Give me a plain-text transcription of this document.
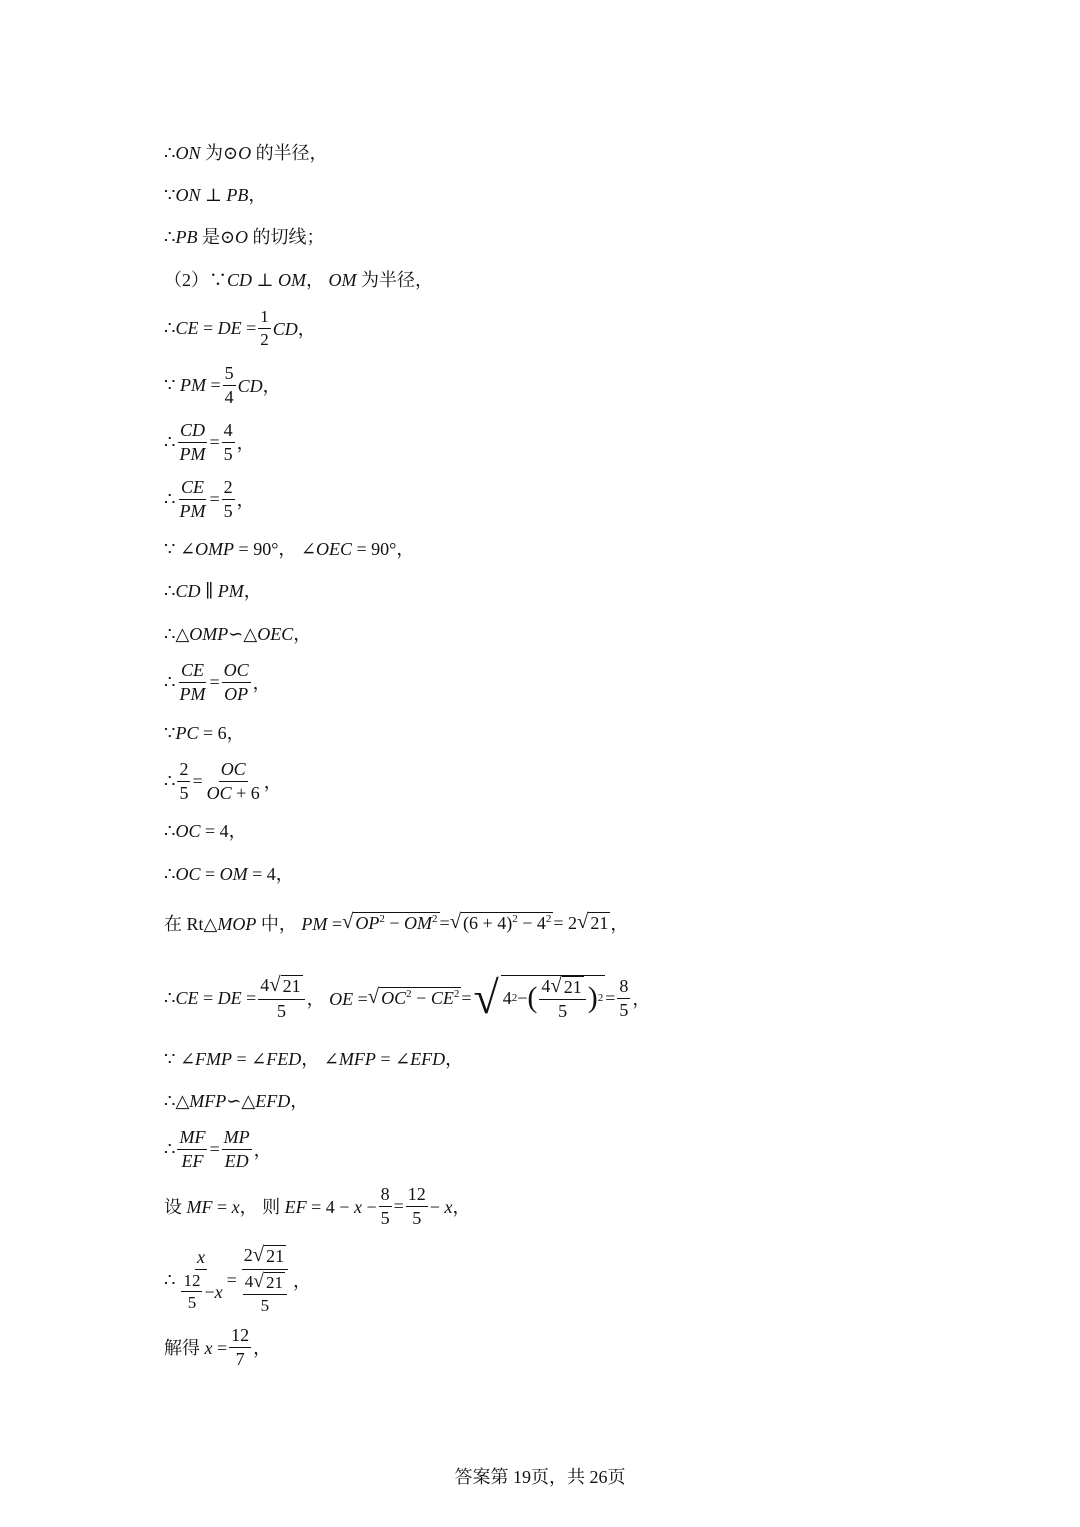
∴ON 为⊙O 的半径，
∵ON ⊥ PB，
∴PB 是⊙O 的切线；
（2）∵CD ⊥ OM， OM 为半径，
∴CE = DE = $\frac{1}{2}$ CD，
∵ PM = $\frac{5}{4}$ CD，
∴ $\frac{CD}{PM} = \frac{4}{5}$ ，
∴ $\frac{CE}{PM} = \frac{2}{5}$ ，
∵ ∠OMP = 90°， ∠OEC = 90°，
∴CD ∥ PM，
∴△OMP∽△OEC，
∴ $\frac{CE}{PM} = \frac{OC}{OP}$ ，
∵PC = 6，
∴ $\frac{2}{5} = \frac{OC}{OC + 6}$ ，
∴OC = 4，
∴OC = OM = 4，
在 Rt△MOP 中， PM = √ $OP^2 - OM^2$ = √ $(6 + 4)^2 - 4^2 = 2$ √ 21 ，
∴CE = DE = $\frac{4 √ 21}{5}$ ， OE = √ $OC^2 - CE^2$ = √ 4 2 − ( $\frac{4 √ 21}{5}$ ) $2 = \frac{8}{5}$ ，
∵ ∠FMP = ∠FED， ∠MFP = ∠EFD，
∴△MFP∽△EFD，
∴ $\frac{MF}{EF} = \frac{MP}{ED}$ ，
设 MF = x， 则 EF = $4 - x - \frac{8}{5} = \frac{12}{5} - x$，
∴ $\frac{x}{\frac{12}{5} - x} = \frac{2 √ 21}{\frac{4 √ 21}{5}}$ ，
解得 $x = \frac{12}{7}$ ，
答案第 19页，共 26页
